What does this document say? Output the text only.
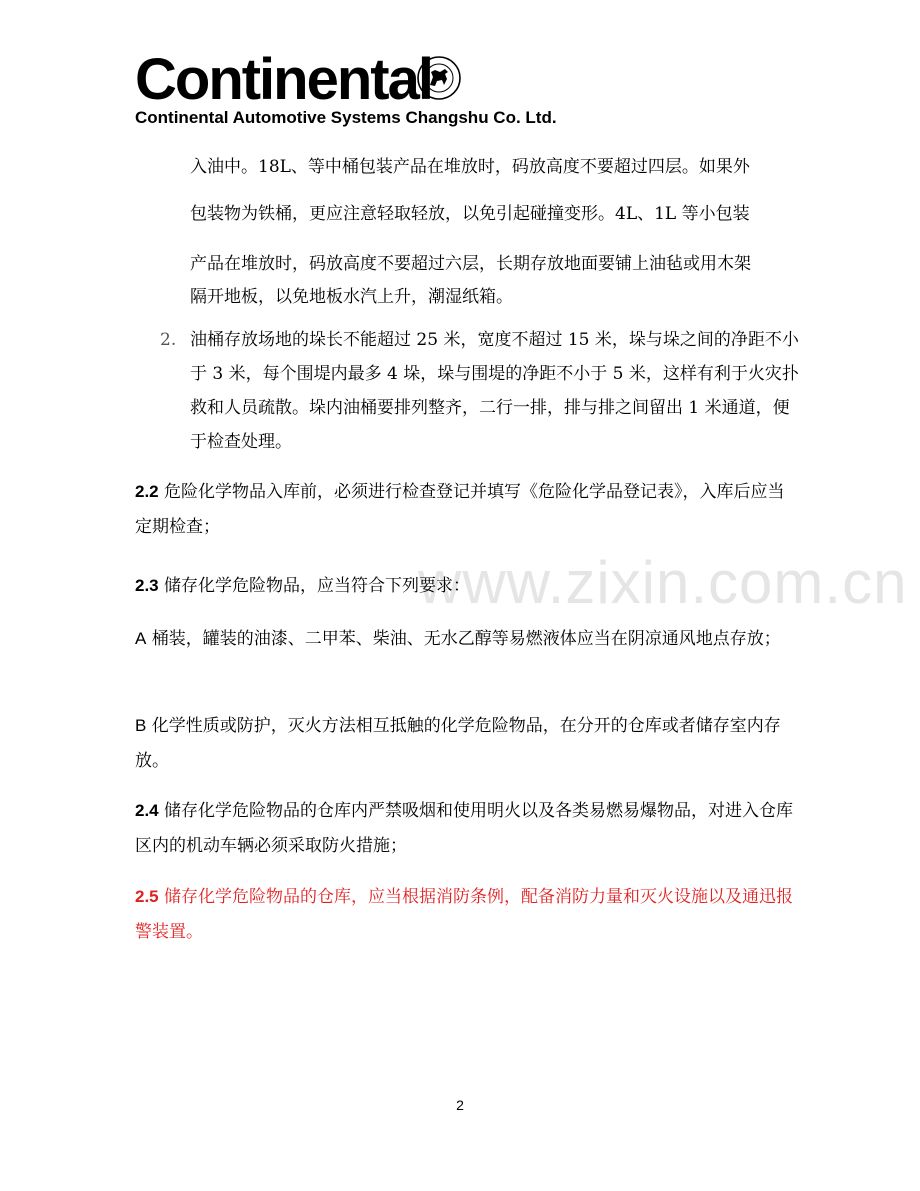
Continental
Continental Automotive Systems Changshu Co. Ltd.

入油中。18L、等中桶包装产品在堆放时，码放高度不要超过四层。如果外

包装物为铁桶，更应注意轻取轻放，以免引起碰撞变形。4L、1L 等小包装

产品在堆放时，码放高度不要超过六层，长期存放地面要铺上油毡或用木架

隔开地板，以免地板水汽上升，潮湿纸箱。

2. 油桶存放场地的垛长不能超过 25 米，宽度不超过 15 米，垛与垛之间的净距不小于 3 米，每个围堤内最多 4 垛，垛与围堤的净距不小于 5 米，这样有利于火灾扑救和人员疏散。垛内油桶要排列整齐，二行一排，排与排之间留出 1 米通道，便于检查处理。
www.zixin.com.cn
2.2 危险化学物品入库前，必须进行检查登记并填写《危险化学品登记表》，入库后应当定期检查；
2.3 储存化学危险物品，应当符合下列要求：
A 桶装，罐装的油漆、二甲苯、柴油、无水乙醇等易燃液体应当在阴凉通风地点存放；
B 化学性质或防护，灭火方法相互抵触的化学危险物品，在分开的仓库或者储存室内存放。
2.4 储存化学危险物品的仓库内严禁吸烟和使用明火以及各类易燃易爆物品，对进入仓库区内的机动车辆必须采取防火措施；
2.5 储存化学危险物品的仓库，应当根据消防条例，配备消防力量和灭火设施以及通迅报警装置。
2
